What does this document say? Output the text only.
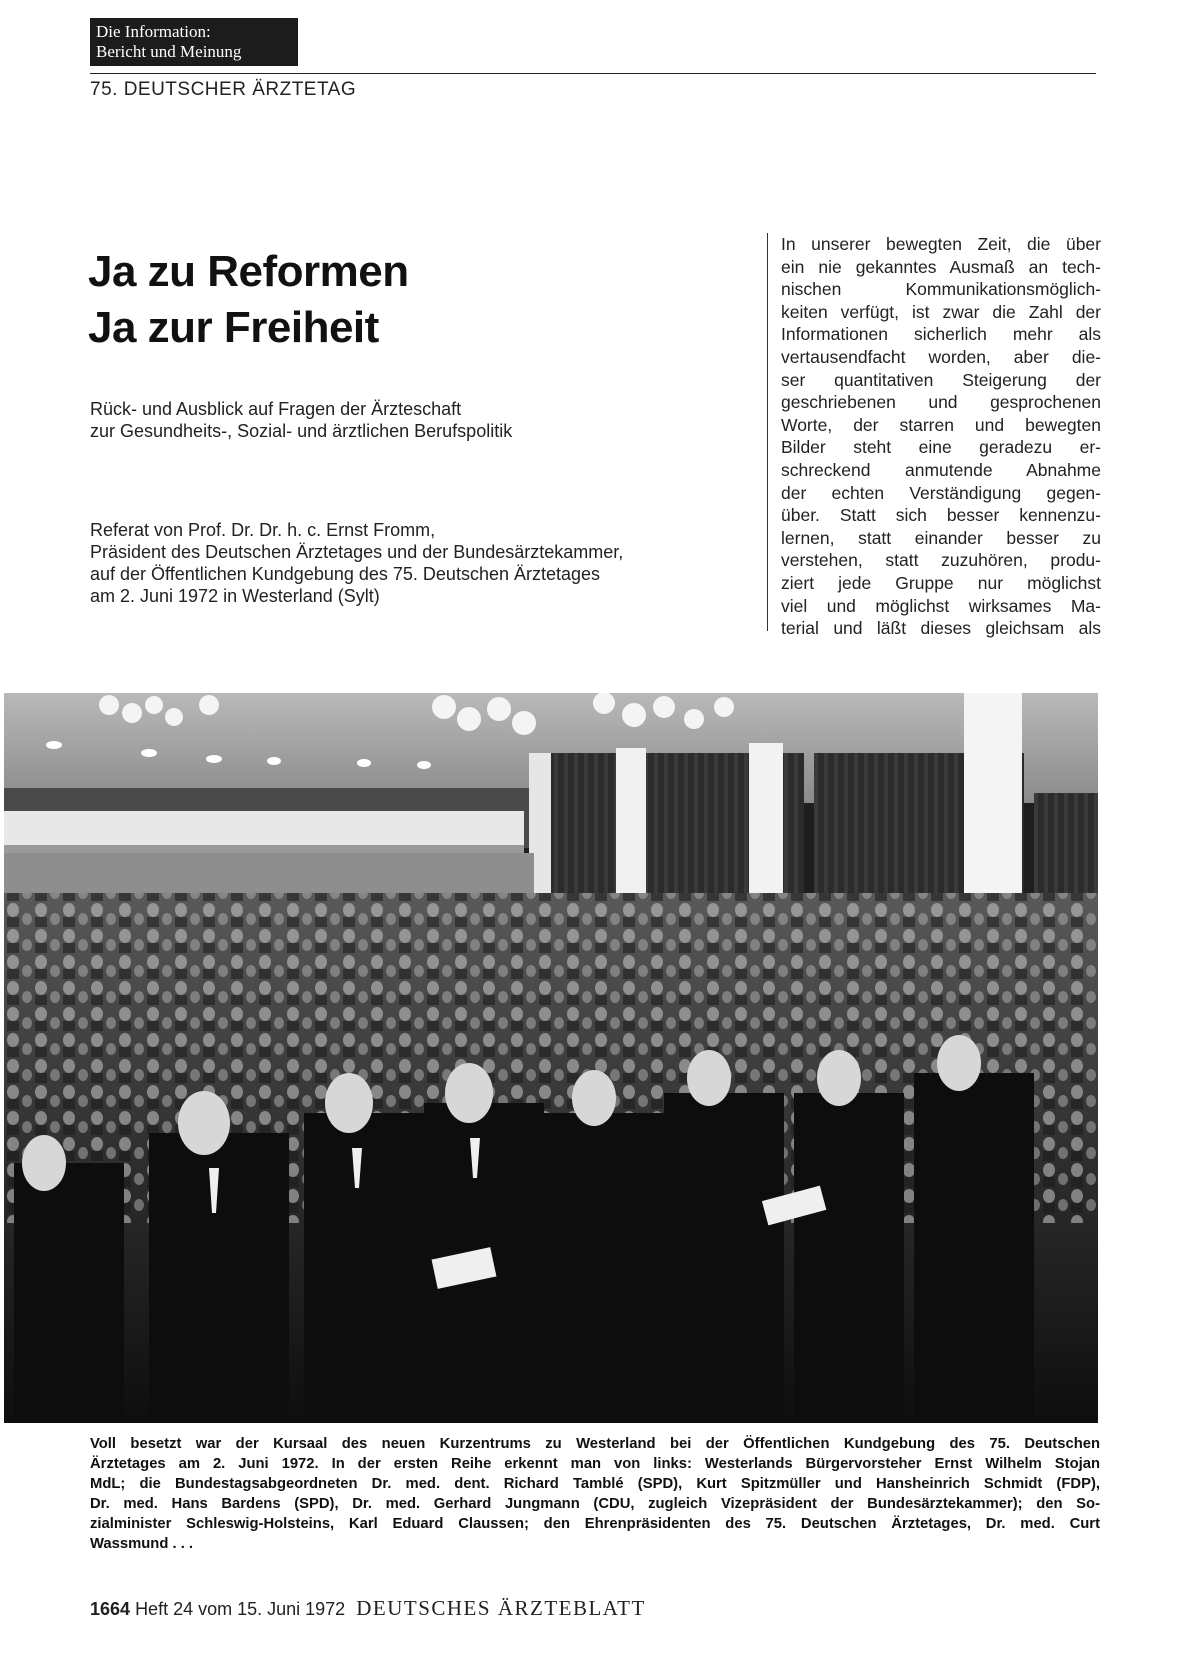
Die Information:
Bericht und Meinung
75. DEUTSCHER ÄRZTETAG
Ja zu Reformen
Ja zur Freiheit
Rück- und Ausblick auf Fragen der Ärzteschaft
zur Gesundheits-, Sozial- und ärztlichen Berufspolitik
Referat von Prof. Dr. Dr. h. c. Ernst Fromm,
Präsident des Deutschen Ärztetages und der Bundesärztekammer,
auf der Öffentlichen Kundgebung des 75. Deutschen Ärztetages
am 2. Juni 1972 in Westerland (Sylt)
In unserer bewegten Zeit, die über
ein nie gekanntes Ausmaß an tech-
nischen Kommunikationsmöglich-
keiten verfügt, ist zwar die Zahl der
Informationen sicherlich mehr als
vertausendfacht worden, aber die-
ser quantitativen Steigerung der
geschriebenen und gesprochenen
Worte, der starren und bewegten
Bilder steht eine geradezu er-
schreckend anmutende Abnahme
der echten Verständigung gegen-
über. Statt sich besser kennenzu-
lernen, statt einander besser zu
verstehen, statt zuzuhören, produ-
ziert jede Gruppe nur möglichst
viel und möglichst wirksames Ma-
terial und läßt dieses gleichsam als
Voll besetzt war der Kursaal des neuen Kurzentrums zu Westerland bei der Öffentlichen Kundgebung des 75. Deutschen
Ärztetages am 2. Juni 1972. In der ersten Reihe erkennt man von links: Westerlands Bürgervorsteher Ernst Wilhelm Stojan
MdL; die Bundestagsabgeordneten Dr. med. dent. Richard Tamblé (SPD), Kurt Spitzmüller und Hansheinrich Schmidt (FDP),
Dr. med. Hans Bardens (SPD), Dr. med. Gerhard Jungmann (CDU, zugleich Vizepräsident der Bundesärztekammer); den So-
zialminister Schleswig-Holsteins, Karl Eduard Claussen; den Ehrenpräsidenten des 75. Deutschen Ärztetages, Dr. med. Curt
Wassmund . . .
1664 Heft 24 vom 15. Juni 1972 DEUTSCHES ÄRZTEBLATT
